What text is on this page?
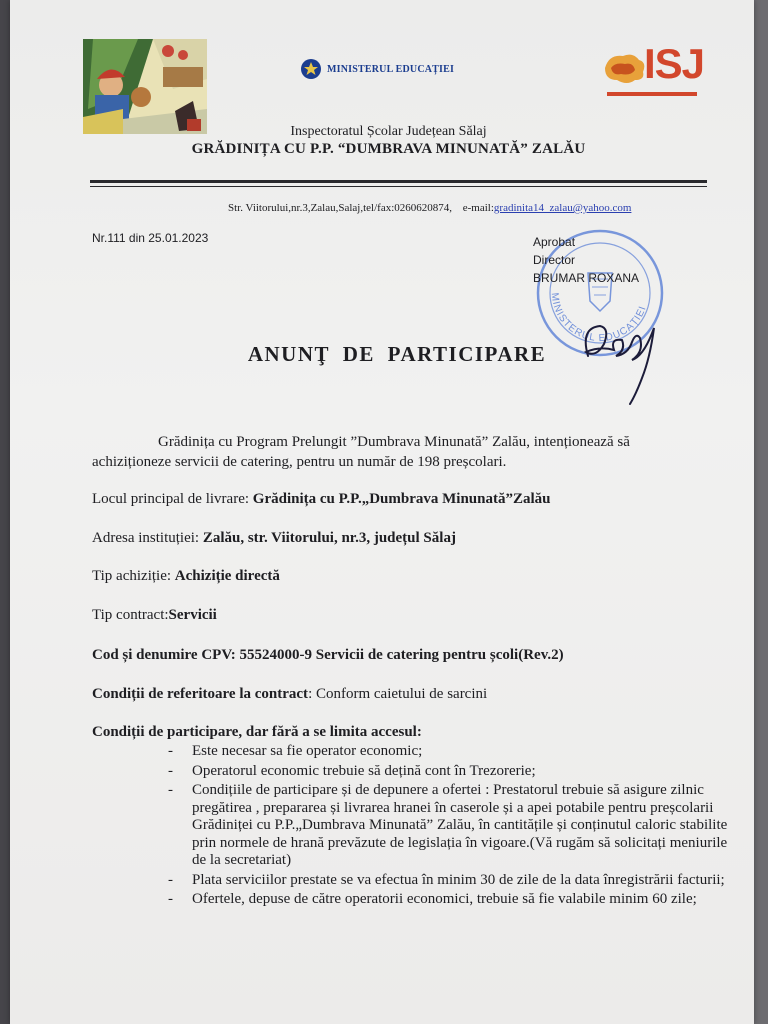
MINISTERUL EDUCAȚIEI	ISJ
Inspectoratul Școlar Județean Sălaj
GRĂDINIȚA CU P.P. “DUMBRAVA MINUNATĂ” ZALĂU
Str. Viitorului,nr.3,Zalau,Salaj,tel/fax:0260620874, e-mail:gradinita14_zalau@yahoo.com
Nr.111 din 25.01.2023
MINISTERUL EDUCAȚIEI
Aprobat
Director
BRUMAR ROXANA
ANUNŢ DE PARTICIPARE
Grădinița cu Program Prelungit ”Dumbrava Minunată” Zalău, intenționează să achiziționeze servicii de catering, pentru un număr de 198 preșcolari.
Locul principal de livrare: Grădinița cu P.P.„Dumbrava Minunată”Zalău
Adresa instituției: Zalău, str. Viitorului, nr.3, județul Sălaj
Tip achiziție: Achiziție directă
Tip contract:Servicii
Cod și denumire CPV: 55524000-9 Servicii de catering pentru școli(Rev.2)
Condiții de referitoare la contract: Conform caietului de sarcini
Condiții de participare, dar fără a se limita accesul:
-	Este necesar sa fie operator economic;
-	Operatorul economic trebuie să dețină cont în Trezorerie;
-	Condițiile de participare și de depunere a ofertei : Prestatorul trebuie să asigure zilnic pregătirea , prepararea și livrarea hranei în caserole și a apei potabile pentru preșcolarii Grădiniței cu P.P.„Dumbrava Minunată” Zalău, în cantitățile și conținutul caloric stabilite prin normele de hrană prevăzute de legislația în vigoare.(Vă rugăm să solicitați meniurile de la secretariat)
-	Plata serviciilor prestate se va efectua în minim 30 de zile de la data înregistrării facturii;
-	Ofertele, depuse de către operatorii economici, trebuie să fie valabile minim 60 zile;
